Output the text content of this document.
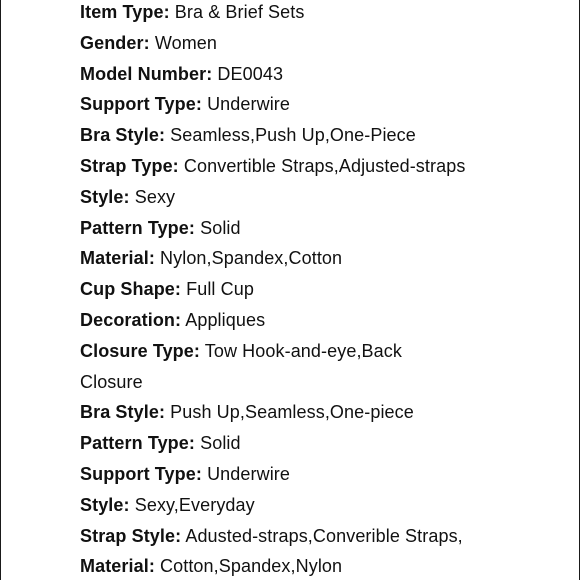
Item Type: Bra & Brief Sets
Gender: Women
Model Number: DE0043
Support Type: Underwire
Bra Style: Seamless,Push Up,One-Piece
Strap Type: Convertible Straps,Adjusted-straps
Style: Sexy
Pattern Type: Solid
Material: Nylon,Spandex,Cotton
Cup Shape: Full Cup
Decoration: Appliques
Closure Type: Tow Hook-and-eye,Back
Closure
Bra Style: Push Up,Seamless,One-piece
Pattern Type: Solid
Support Type: Underwire
Style: Sexy,Everyday
Strap Style: Adusted-straps,Converible Straps,
Material: Cotton,Spandex,Nylon
